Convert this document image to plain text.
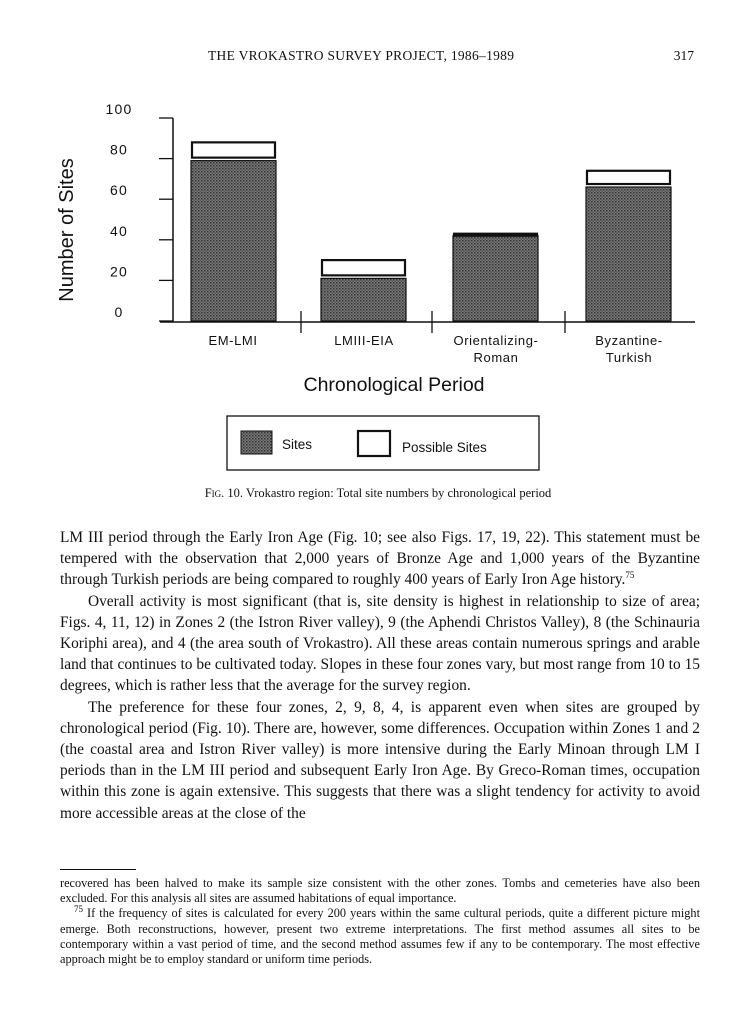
THE VROKASTRO SURVEY PROJECT, 1986–1989	317
0
20
40
60
80
100
EM-LMI	LMIII-EIA	Orientalizing-
Roman
Byzantine-
Turkish
Number of Sites
Chronological Period
Sites	Possible Sites
Fig. 10. Vrokastro region: Total site numbers by chronological period

LM III period through the Early Iron Age (Fig. 10; see also Figs. 17, 19, 22). This statement must be tempered with the observation that 2,000 years of Bronze Age and 1,000 years of the Byzantine through Turkish periods are being compared to roughly 400 years of Early Iron Age history.$^{75}$

Overall activity is most significant (that is, site density is highest in relationship to size of area; Figs. 4, 11, 12) in Zones 2 (the Istron River valley), 9 (the Aphendi Christos Valley), 8 (the Schinauria Koriphi area), and 4 (the area south of Vrokastro). All these areas contain numerous springs and arable land that continues to be cultivated today. Slopes in these four zones vary, but most range from 10 to 15 degrees, which is rather less that the average for the survey region.

The preference for these four zones, 2, 9, 8, 4, is apparent even when sites are grouped by chronological period (Fig. 10). There are, however, some differences. Occupation within Zones 1 and 2 (the coastal area and Istron River valley) is more intensive during the Early Minoan through LM I periods than in the LM III period and subsequent Early Iron Age. By Greco-Roman times, occupation within this zone is again extensive. This suggests that there was a slight tendency for activity to avoid more accessible areas at the close of the

recovered has been halved to make its sample size consistent with the other zones. Tombs and cemeteries have also been excluded. For this analysis all sites are assumed habitations of equal importance.

$^{75}$ If the frequency of sites is calculated for every 200 years within the same cultural periods, quite a different picture might emerge. Both reconstructions, however, present two extreme interpretations. The first method assumes all sites to be contemporary within a vast period of time, and the second method assumes few if any to be contemporary. The most effective approach might be to employ standard or uniform time periods.
